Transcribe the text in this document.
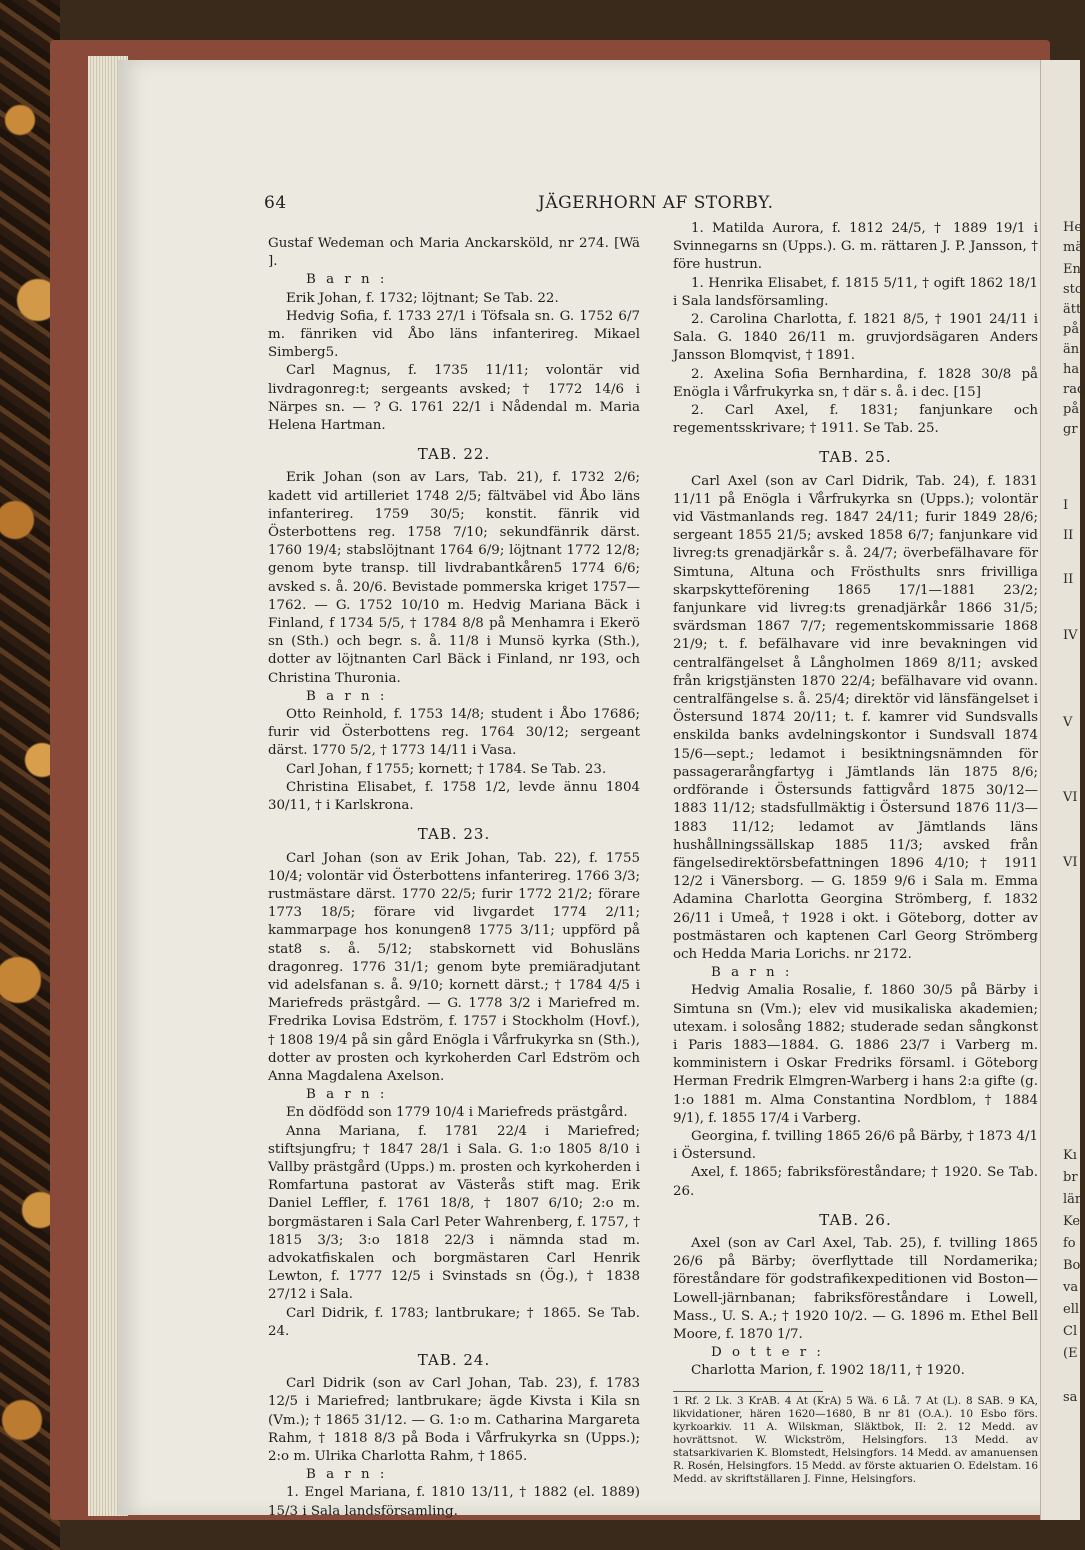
64	JÄGERHORN AF STORBY.

Gustaf Wedeman och Maria Anckarsköld, nr 274. [Wä ].

B a r n :

Erik Johan, f. 1732; löjtnant; Se Tab. 22.

Hedvig Sofia, f. 1733 27/1 i Töfsala sn. G. 1752 6/7 m. fänriken vid Åbo läns infanterireg. Mikael Simberg5.

Carl Magnus, f. 1735 11/11; volontär vid livdragonreg:t; sergeants avsked; † 1772 14/6 i Närpes sn. — ? G. 1761 22/1 i Nådendal m. Maria Helena Hartman.

TAB. 22.

Erik Johan (son av Lars, Tab. 21), f. 1732 2/6; kadett vid artilleriet 1748 2/5; fältväbel vid Åbo läns infanterireg. 1759 30/5; konstit. fänrik vid Österbottens reg. 1758 7/10; sekundfänrik därst. 1760 19/4; stabslöjtnant 1764 6/9; löjtnant 1772 12/8; genom byte transp. till livdrabantkåren5 1774 6/6; avsked s. å. 20/6. Bevistade pommerska kriget 1757—1762. — G. 1752 10/10 m. Hedvig Mariana Bäck i Finland, f 1734 5/5, † 1784 8/8 på Menhamra i Ekerö sn (Sth.) och begr. s. å. 11/8 i Munsö kyrka (Sth.), dotter av löjtnanten Carl Bäck i Finland, nr 193, och Christina Thuronia.

B a r n :

Otto Reinhold, f. 1753 14/8; student i Åbo 17686; furir vid Österbottens reg. 1764 30/12; sergeant därst. 1770 5/2, † 1773 14/11 i Vasa.

Carl Johan, f 1755; kornett; † 1784. Se Tab. 23.

Christina Elisabet, f. 1758 1/2, levde ännu 1804 30/11, † i Karlskrona.

TAB. 23.

Carl Johan (son av Erik Johan, Tab. 22), f. 1755 10/4; volontär vid Österbottens infanterireg. 1766 3/3; rustmästare därst. 1770 22/5; furir 1772 21/2; förare 1773 18/5; förare vid livgardet 1774 2/11; kammarpage hos konungen8 1775 3/11; uppförd på stat8 s. å. 5/12; stabskornett vid Bohusläns dragonreg. 1776 31/1; genom byte premiäradjutant vid adelsfanan s. å. 9/10; kornett därst.; † 1784 4/5 i Mariefreds prästgård. — G. 1778 3/2 i Mariefred m. Fredrika Lovisa Edström, f. 1757 i Stockholm (Hovf.), † 1808 19/4 på sin gård Enögla i Vårfrukyrka sn (Sth.), dotter av prosten och kyrkoherden Carl Edström och Anna Magdalena Axelson.

B a r n :

En dödfödd son 1779 10/4 i Mariefreds prästgård.

Anna Mariana, f. 1781 22/4 i Mariefred; stiftsjungfru; † 1847 28/1 i Sala. G. 1:o 1805 8/10 i Vallby prästgård (Upps.) m. prosten och kyrkoherden i Romfartuna pastorat av Västerås stift mag. Erik Daniel Leffler, f. 1761 18/8, † 1807 6/10; 2:o m. borgmästaren i Sala Carl Peter Wahrenberg, f. 1757, † 1815 3/3; 3:o 1818 22/3 i nämnda stad m. advokatfiskalen och borgmästaren Carl Henrik Lewton, f. 1777 12/5 i Svinstads sn (Ög.), † 1838 27/12 i Sala.

Carl Didrik, f. 1783; lantbrukare; † 1865. Se Tab. 24.

TAB. 24.

Carl Didrik (son av Carl Johan, Tab. 23), f. 1783 12/5 i Mariefred; lantbrukare; ägde Kivsta i Kila sn (Vm.); † 1865 31/12. — G. 1:o m. Catharina Margareta Rahm, † 1818 8/3 på Boda i Vårfrukyrka sn (Upps.); 2:o m. Ulrika Charlotta Rahm, † 1865.

B a r n :

1. Engel Mariana, f. 1810 13/11, † 1882 (el. 1889) 15/3 i Sala landsförsamling.

1. Matilda Aurora, f. 1812 24/5, † 1889 19/1 i Svinnegarns sn (Upps.). G. m. rättaren J. P. Jansson, † före hustrun.

1. Henrika Elisabet, f. 1815 5/11, † ogift 1862 18/1 i Sala landsförsamling.

2. Carolina Charlotta, f. 1821 8/5, † 1901 24/11 i Sala. G. 1840 26/11 m. gruvjordsägaren Anders Jansson Blomqvist, † 1891.

2. Axelina Sofia Bernhardina, f. 1828 30/8 på Enögla i Vårfrukyrka sn, † där s. å. i dec. [15]

2. Carl Axel, f. 1831; fanjunkare och regementsskrivare; † 1911. Se Tab. 25.

TAB. 25.

Carl Axel (son av Carl Didrik, Tab. 24), f. 1831 11/11 på Enögla i Vårfrukyrka sn (Upps.); volontär vid Västmanlands reg. 1847 24/11; furir 1849 28/6; sergeant 1855 21/5; avsked 1858 6/7; fanjunkare vid livreg:ts grenadjärkår s. å. 24/7; överbefälhavare för Simtuna, Altuna och Frösthults snrs frivilliga skarpskytteförening 1865 17/1—1881 23/2; fanjunkare vid livreg:ts grenadjärkår 1866 31/5; svärdsman 1867 7/7; regementskommissarie 1868 21/9; t. f. befälhavare vid inre bevakningen vid centralfängelset å Långholmen 1869 8/11; avsked från krigstjänsten 1870 22/4; befälhavare vid ovann. centralfängelse s. å. 25/4; direktör vid länsfängelset i Östersund 1874 20/11; t. f. kamrer vid Sundsvalls enskilda banks avdelningskontor i Sundsvall 1874 15/6—sept.; ledamot i besiktningsnämnden för passagerarångfartyg i Jämtlands län 1875 8/6; ordförande i Östersunds fattigvård 1875 30/12—1883 11/12; stadsfullmäktig i Östersund 1876 11/3—1883 11/12; ledamot av Jämtlands läns hushållningssällskap 1885 11/3; avsked från fängelsedirektörsbefattningen 1896 4/10; † 1911 12/2 i Vänersborg. — G. 1859 9/6 i Sala m. Emma Adamina Charlotta Georgina Strömberg, f. 1832 26/11 i Umeå, † 1928 i okt. i Göteborg, dotter av postmästaren och kaptenen Carl Georg Strömberg och Hedda Maria Lorichs. nr 2172.

B a r n :

Hedvig Amalia Rosalie, f. 1860 30/5 på Bärby i Simtuna sn (Vm.); elev vid musikaliska akademien; utexam. i solosång 1882; studerade sedan sångkonst i Paris 1883—1884. G. 1886 23/7 i Varberg m. komministern i Oskar Fredriks församl. i Göteborg Herman Fredrik Elmgren-Warberg i hans 2:a gifte (g. 1:o 1881 m. Alma Constantina Nordblom, † 1884 9/1), f. 1855 17/4 i Varberg.

Georgina, f. tvilling 1865 26/6 på Bärby, † 1873 4/1 i Östersund.

Axel, f. 1865; fabriksföreståndare; † 1920. Se Tab. 26.

TAB. 26.

Axel (son av Carl Axel, Tab. 25), f. tvilling 1865 26/6 på Bärby; överflyttade till Nordamerika; föreståndare för godstrafikexpeditionen vid Boston—Lowell-järnbanan; fabriksföreståndare i Lowell, Mass., U. S. A.; † 1920 10/2. — G. 1896 m. Ethel Bell Moore, f. 1870 1/7.

D o t t e r :

Charlotta Marion, f. 1902 18/11, † 1920.

1 Rf. 2 Lk. 3 KrAB. 4 At (KrA) 5 Wä. 6 Lå. 7 At (L). 8 SAB. 9 KA, likvidationer, hären 1620—1680, B nr 81 (O.A.). 10 Esbo förs. kyrkoarkiv. 11 A. Wilskman, Släktbok, II: 2. 12 Medd. av hovrättsnot. W. Wickström, Helsingfors. 13 Medd. av statsarkivarien K. Blomstedt, Helsingfors. 14 Medd. av amanuensen R. Rosén, Helsingfors. 15 Medd. av förste aktuarien O. Edelstam. 16 Medd. av skriftställaren J. Finne, Helsingfors.
He
mä
En
sto
ätt
på
än
ha
rad
på
gr
I
II
II
IV
V
VI
VI
Kı
br
län
Ke
fo
Bo
va
ell
Cl
(E
sa
